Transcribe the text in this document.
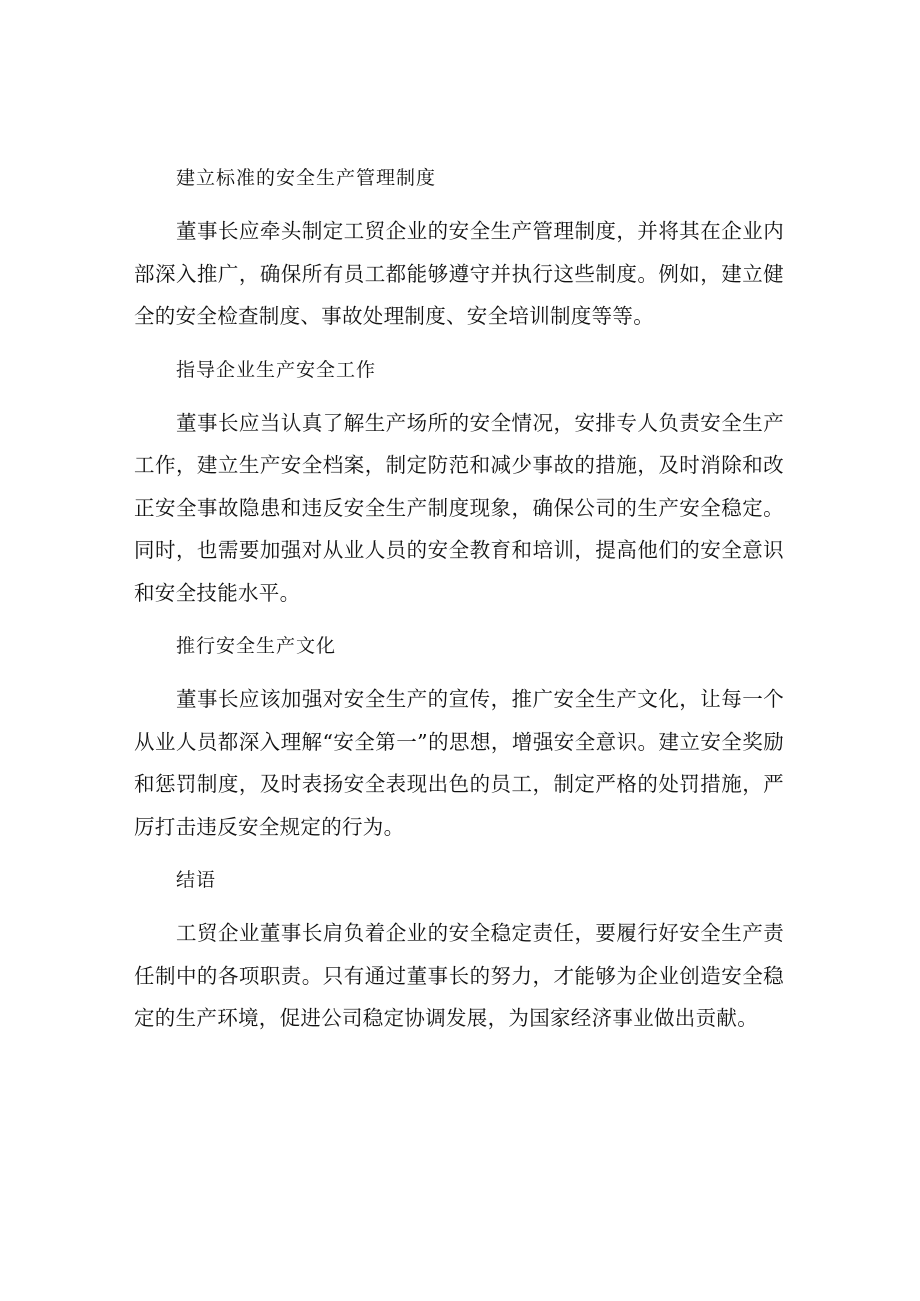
建立标准的安全生产管理制度

董事长应牵头制定工贸企业的安全生产管理制度，并将其在企业内部深入推广，确保所有员工都能够遵守并执行这些制度。例如，建立健全的安全检查制度、事故处理制度、安全培训制度等等。

指导企业生产安全工作

董事长应当认真了解生产场所的安全情况，安排专人负责安全生产工作，建立生产安全档案，制定防范和减少事故的措施，及时消除和改正安全事故隐患和违反安全生产制度现象，确保公司的生产安全稳定。同时，也需要加强对从业人员的安全教育和培训，提高他们的安全意识和安全技能水平。

推行安全生产文化

董事长应该加强对安全生产的宣传，推广安全生产文化，让每一个从业人员都深入理解“安全第一”的思想，增强安全意识。建立安全奖励和惩罚制度，及时表扬安全表现出色的员工，制定严格的处罚措施，严厉打击违反安全规定的行为。

结语

工贸企业董事长肩负着企业的安全稳定责任，要履行好安全生产责任制中的各项职责。只有通过董事长的努力，才能够为企业创造安全稳定的生产环境，促进公司稳定协调发展，为国家经济事业做出贡献。
